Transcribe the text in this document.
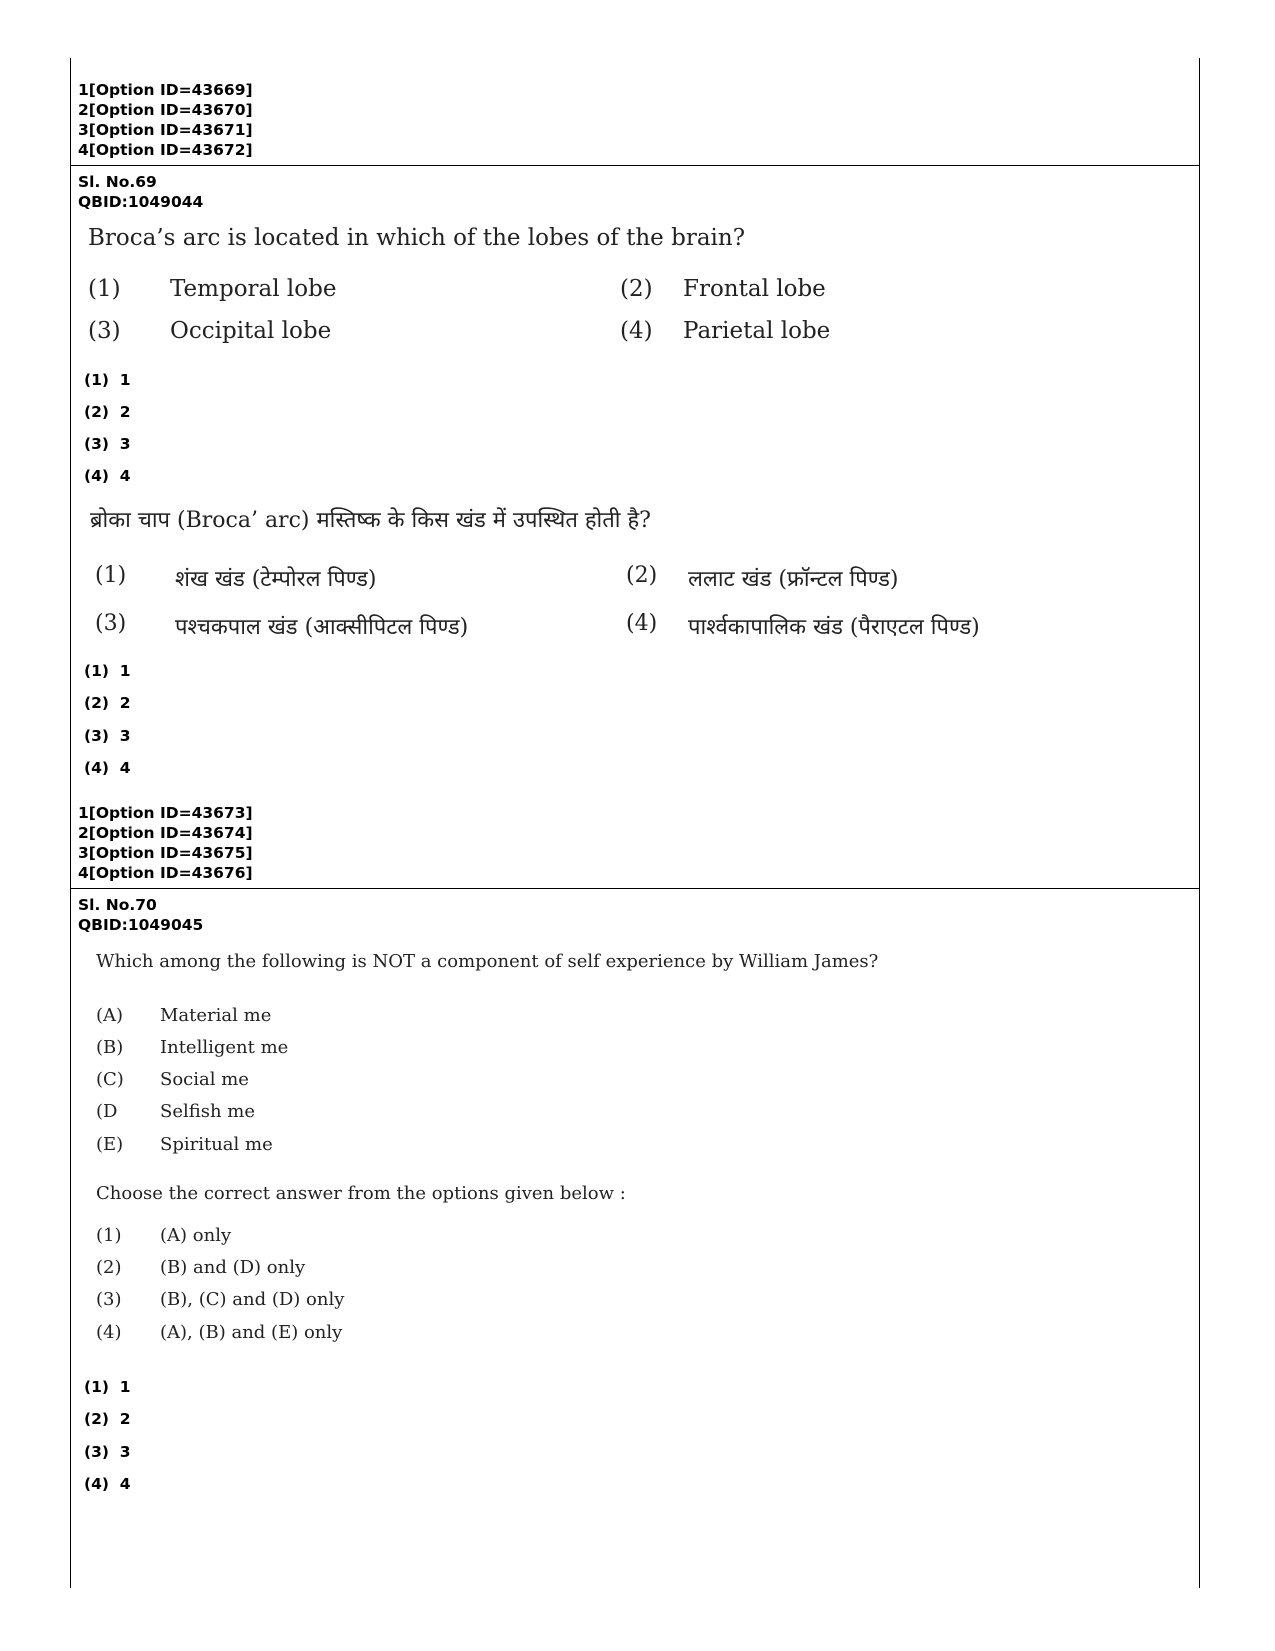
1[Option ID=43669]
2[Option ID=43670]
3[Option ID=43671]
4[Option ID=43672]
Sl. No.69
QBID:1049044
Broca’s arc is located in which of the lobes of the brain?
(1) Temporal lobe	(2) Frontal lobe
(3) Occipital lobe	(4) Parietal lobe
(1)  1
(2)  2
(3)  3
(4)  4
ब्रोका चाप (Broca’ arc) मस्तिष्क के किस खंड में उपस्थित होती है?
(1) शंख खंड (टेम्पोरल पिण्ड)	(2) ललाट खंड (फ्रॉन्टल पिण्ड)
(3) पश्चकपाल खंड (आक्सीपिटल पिण्ड)	(4) पार्श्वकापालिक खंड (पैराएटल पिण्ड)
(1)  1
(2)  2
(3)  3
(4)  4
1[Option ID=43673]
2[Option ID=43674]
3[Option ID=43675]
4[Option ID=43676]
Sl. No.70
QBID:1049045
Which among the following is NOT a component of self experience by William James?
(A) Material me
(B) Intelligent me
(C) Social me
(D Selfish me
(E) Spiritual me
Choose the correct answer from the options given below :
(1) (A) only
(2) (B) and (D) only
(3) (B), (C) and (D) only
(4) (A), (B) and (E) only
(1)  1
(2)  2
(3)  3
(4)  4
